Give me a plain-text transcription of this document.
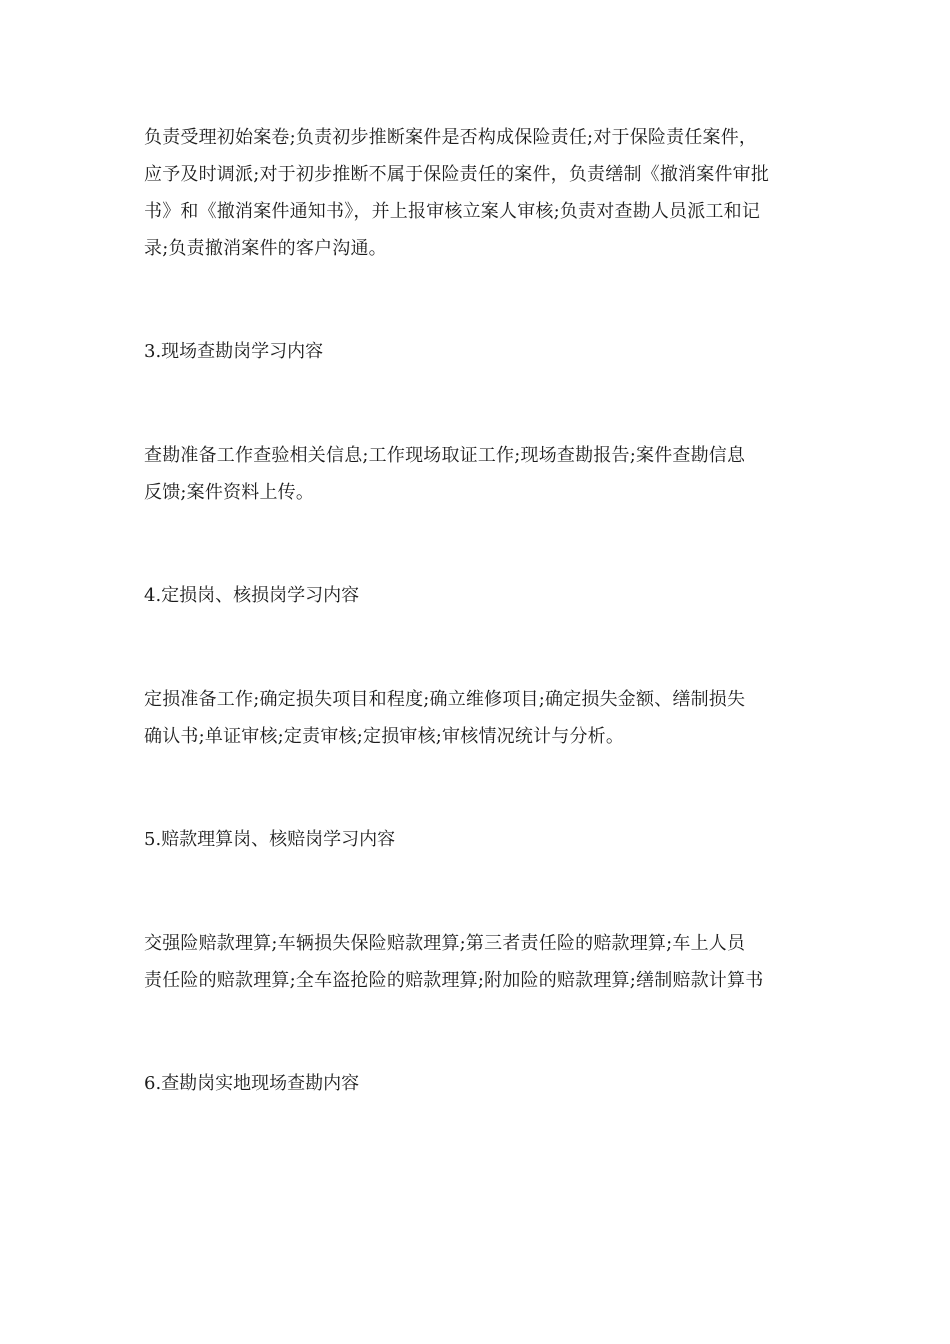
负责受理初始案卷;负责初步推断案件是否构成保险责任;对于保险责任案件，
应予及时调派;对于初步推断不属于保险责任的案件，负责缮制《撤消案件审批
书》和《撤消案件通知书》，并上报审核立案人审核;负责对查勘人员派工和记
录;负责撤消案件的客户沟通。

3.现场查勘岗学习内容

查勘准备工作查验相关信息;工作现场取证工作;现场查勘报告;案件查勘信息
反馈;案件资料上传。

4.定损岗、核损岗学习内容

定损准备工作;确定损失项目和程度;确立维修项目;确定损失金额、缮制损失
确认书;单证审核;定责审核;定损审核;审核情况统计与分析。

5.赔款理算岗、核赔岗学习内容

交强险赔款理算;车辆损失保险赔款理算;第三者责任险的赔款理算;车上人员
责任险的赔款理算;全车盗抢险的赔款理算;附加险的赔款理算;缮制赔款计算书

6.查勘岗实地现场查勘内容
